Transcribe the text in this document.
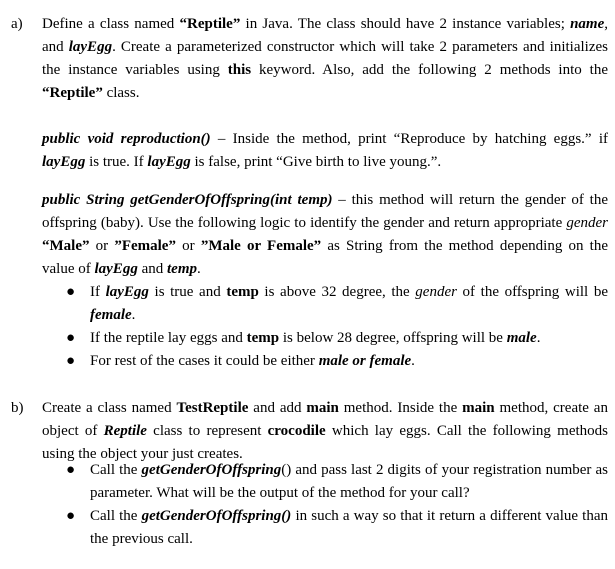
a) Define a class named “Reptile” in Java. The class should have 2 instance variables; name, and layEgg. Create a parameterized constructor which will take 2 parameters and initializes the instance variables using this keyword. Also, add the following 2 methods into the “Reptile” class.

public void reproduction() – Inside the method, print “Reproduce by hatching eggs.” if layEgg is true. If layEgg is false, print “Give birth to live young.”.

public String getGenderOfOffspring(int temp) – this method will return the gender of the offspring (baby). Use the following logic to identify the gender and return appropriate gender “Male” or ”Female” or ”Male or Female” as String from the method depending on the value of layEgg and temp.

● If layEgg is true and temp is above 32 degree, the gender of the offspring will be female.
● If the reptile lay eggs and temp is below 28 degree, offspring will be male.
● For rest of the cases it could be either male or female.
b) Create a class named TestReptile and add main method. Inside the main method, create an object of Reptile class to represent crocodile which lay eggs. Call the following methods using the object your just creates.

● Call the getGenderOfOffspring() and pass last 2 digits of your registration number as parameter. What will be the output of the method for your call?
● Call the getGenderOfOffspring() in such a way so that it return a different value than the previous call.
